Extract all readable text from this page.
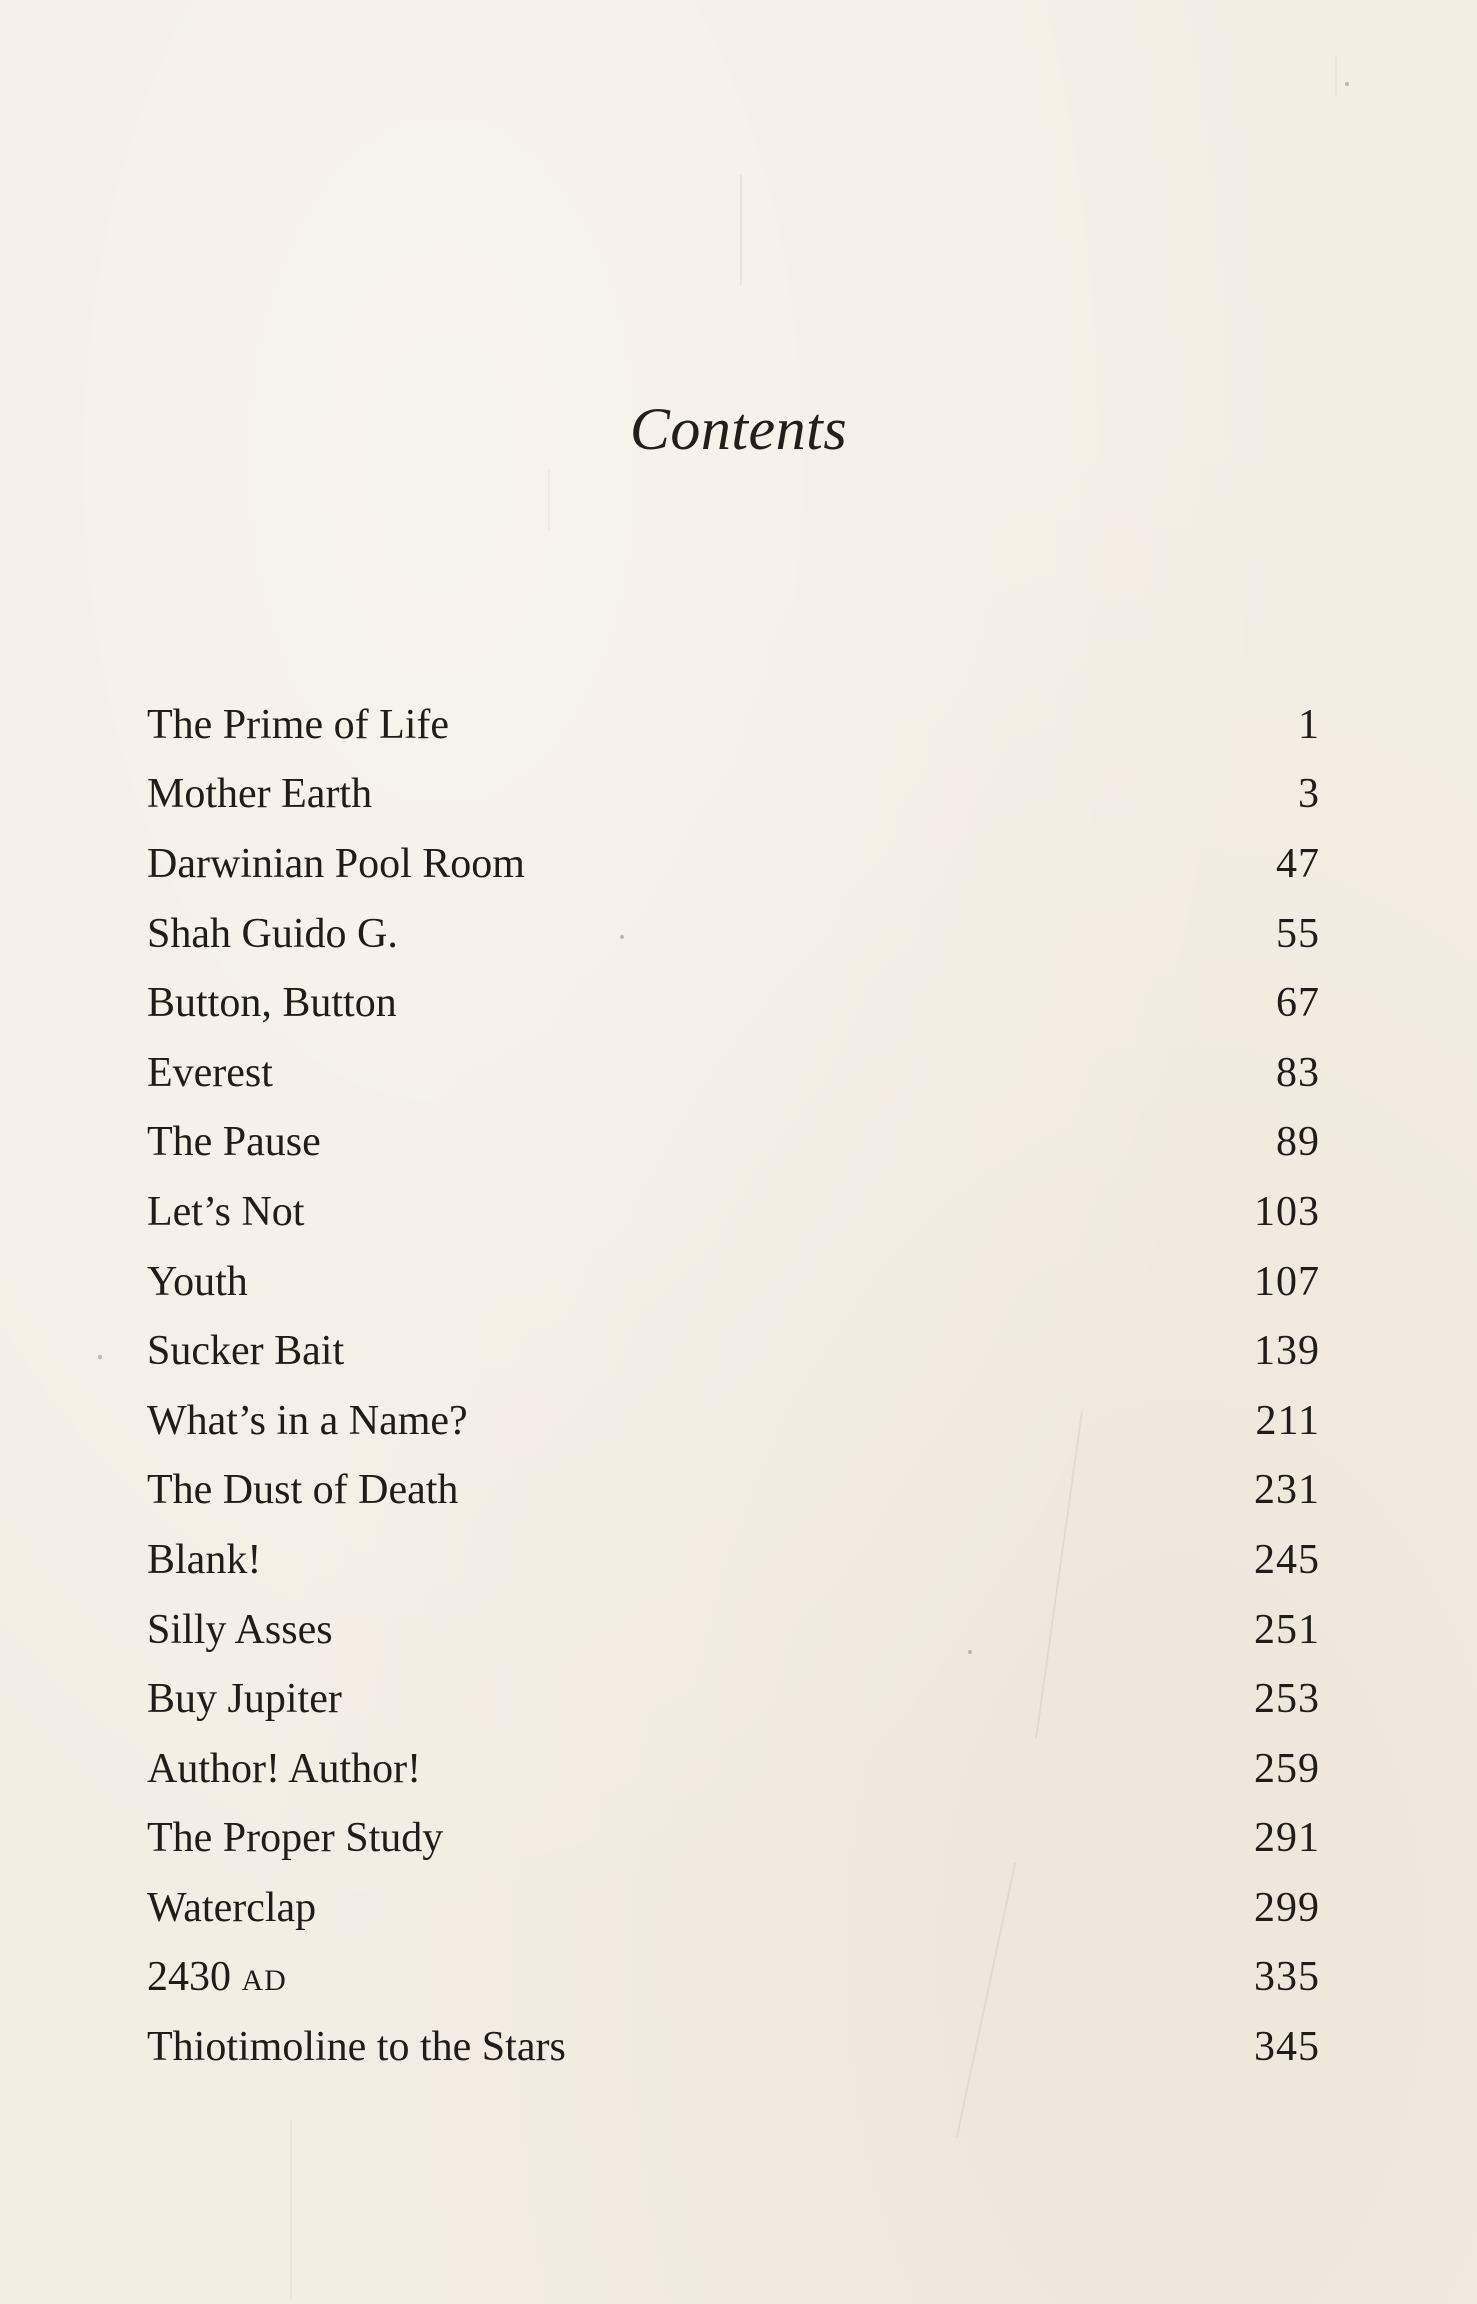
Contents
The Prime of Life	1
Mother Earth	3
Darwinian Pool Room	47
Shah Guido G.	55
Button, Button	67
Everest	83
The Pause	89
Let’s Not	103
Youth	107
Sucker Bait	139
What’s in a Name?	211
The Dust of Death	231
Blank!	245
Silly Asses	251
Buy Jupiter	253
Author! Author!	259
The Proper Study	291
Waterclap	299
2430 AD	335
Thiotimoline to the Stars	345
